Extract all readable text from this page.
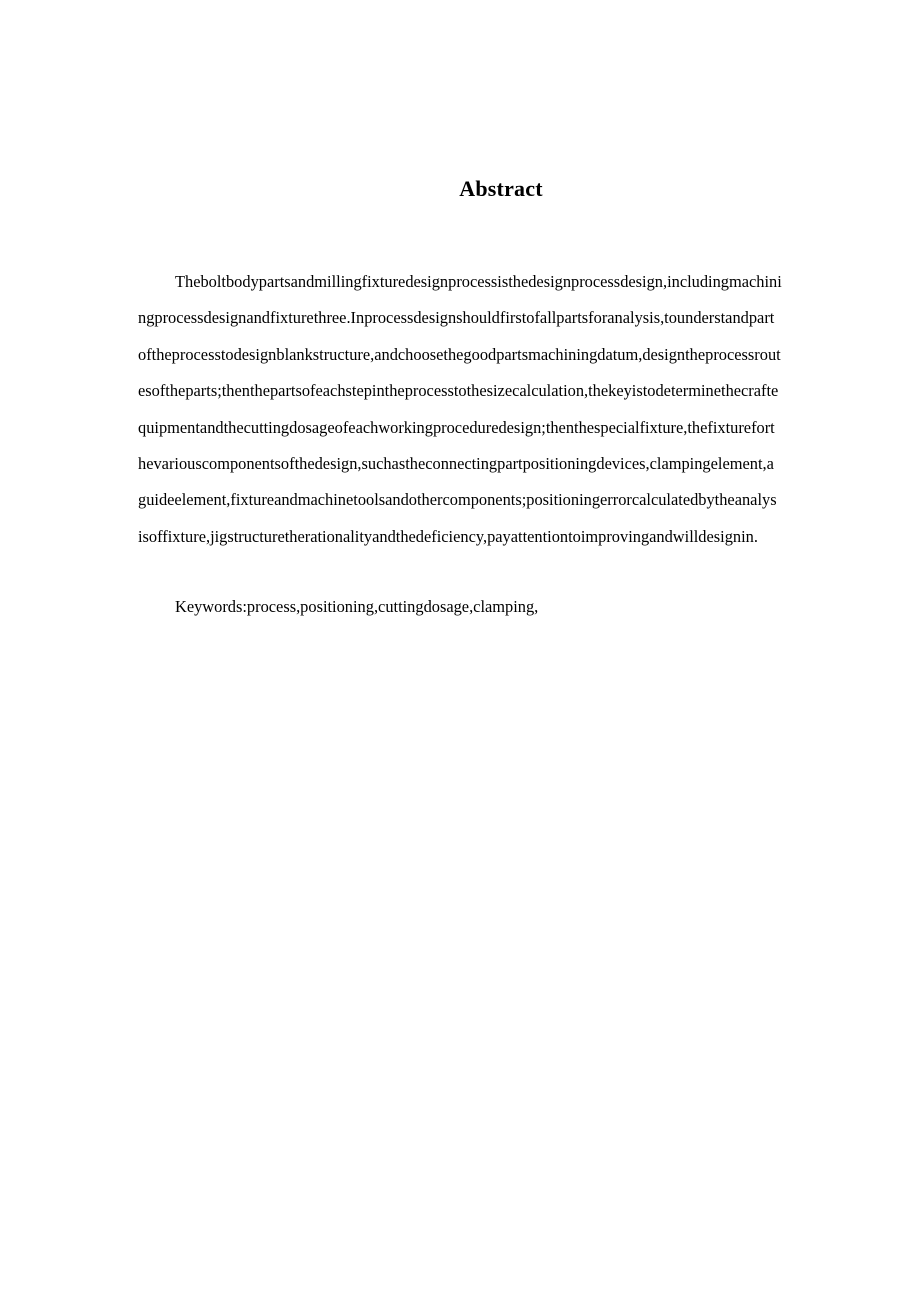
Abstract
Theboltbodypartsandmillingfixturedesignprocessisthedesignprocessdesign,includingmachini
ngprocessdesignandfixturethree.Inprocessdesignshouldfirstofallpartsforanalysis,tounderstandpart
oftheprocesstodesignblankstructure,andchoosethegoodpartsmachiningdatum,designtheprocessrout
esoftheparts;thenthepartsofeachstepintheprocesstothesizecalculation,thekeyistodeterminethecrafte
quipmentandthecuttingdosageofeachworkingproceduredesign;thenthespecialfixture,thefixturefort
hevariouscomponentsofthedesign,suchastheconnectingpartpositioningdevices,clampingelement,a
guideelement,fixtureandmachinetoolsandothercomponents;positioningerrorcalculatedbytheanalys
isoffixture,jigstructuretherationalityandthedeficiency,payattentiontoimprovingandwilldesignin.
Keywords:process,positioning,cuttingdosage,clamping,
